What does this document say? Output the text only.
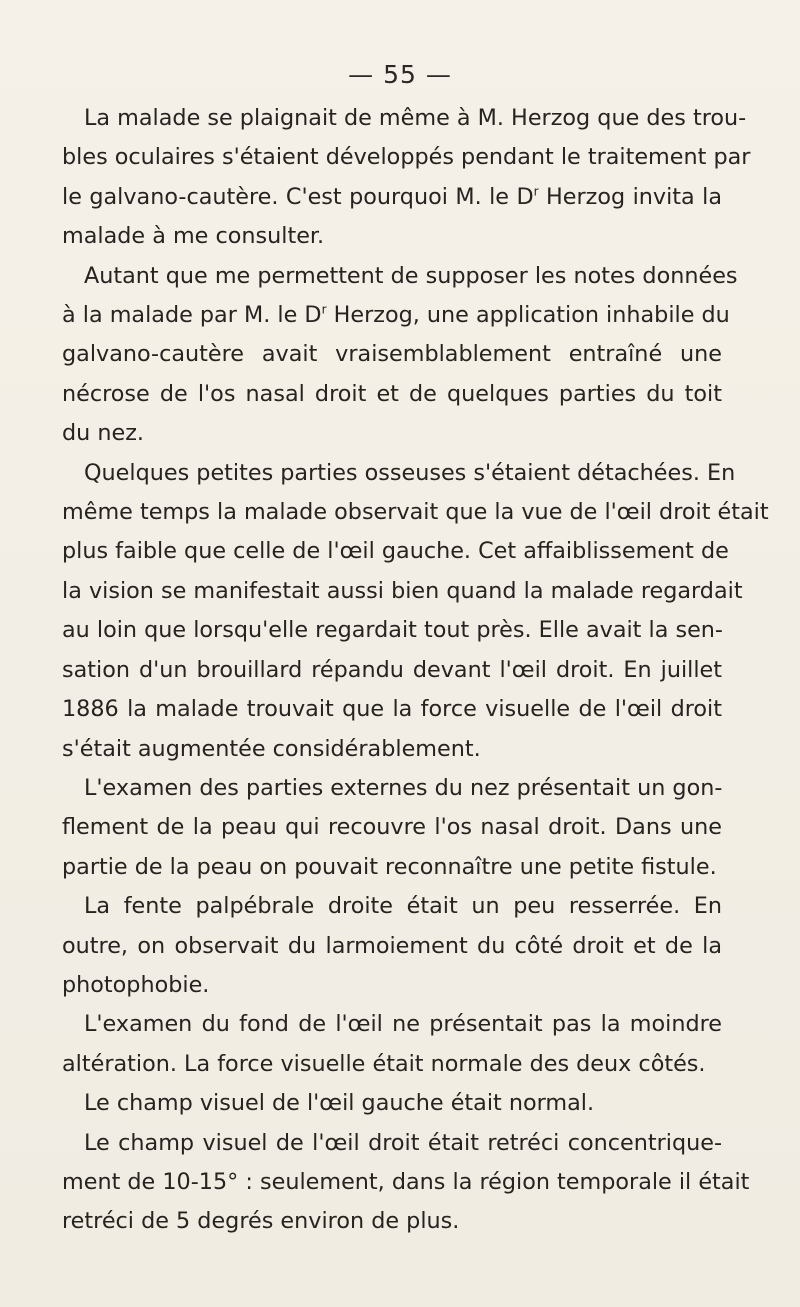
— 55 —
La malade se plaignait de même à M. Herzog que des trou-
bles oculaires s'étaient développés pendant le traitement par
le galvano-cautère. C'est pourquoi M. le $D^r$ Herzog invita la
malade à me consulter.
Autant que me permettent de supposer les notes données
à la malade par M. le $D^r$ Herzog, une application inhabile du
galvano-cautère avait vraisemblablement entraîné une
nécrose de l'os nasal droit et de quelques parties du toit
du nez.
Quelques petites parties osseuses s'étaient détachées. En
même temps la malade observait que la vue de l'œil droit était
plus faible que celle de l'œil gauche. Cet affaiblissement de
la vision se manifestait aussi bien quand la malade regardait
au loin que lorsqu'elle regardait tout près. Elle avait la sen-
sation d'un brouillard répandu devant l'œil droit. En juillet
1886 la malade trouvait que la force visuelle de l'œil droit
s'était augmentée considérablement.
L'examen des parties externes du nez présentait un gon-
flement de la peau qui recouvre l'os nasal droit. Dans une
partie de la peau on pouvait reconnaître une petite fistule.
La fente palpébrale droite était un peu resserrée. En
outre, on observait du larmoiement du côté droit et de la
photophobie.
L'examen du fond de l'œil ne présentait pas la moindre
altération. La force visuelle était normale des deux côtés.
Le champ visuel de l'œil gauche était normal.
Le champ visuel de l'œil droit était retréci concentrique-
ment de 10-15° : seulement, dans la région temporale il était
retréci de 5 degrés environ de plus.
